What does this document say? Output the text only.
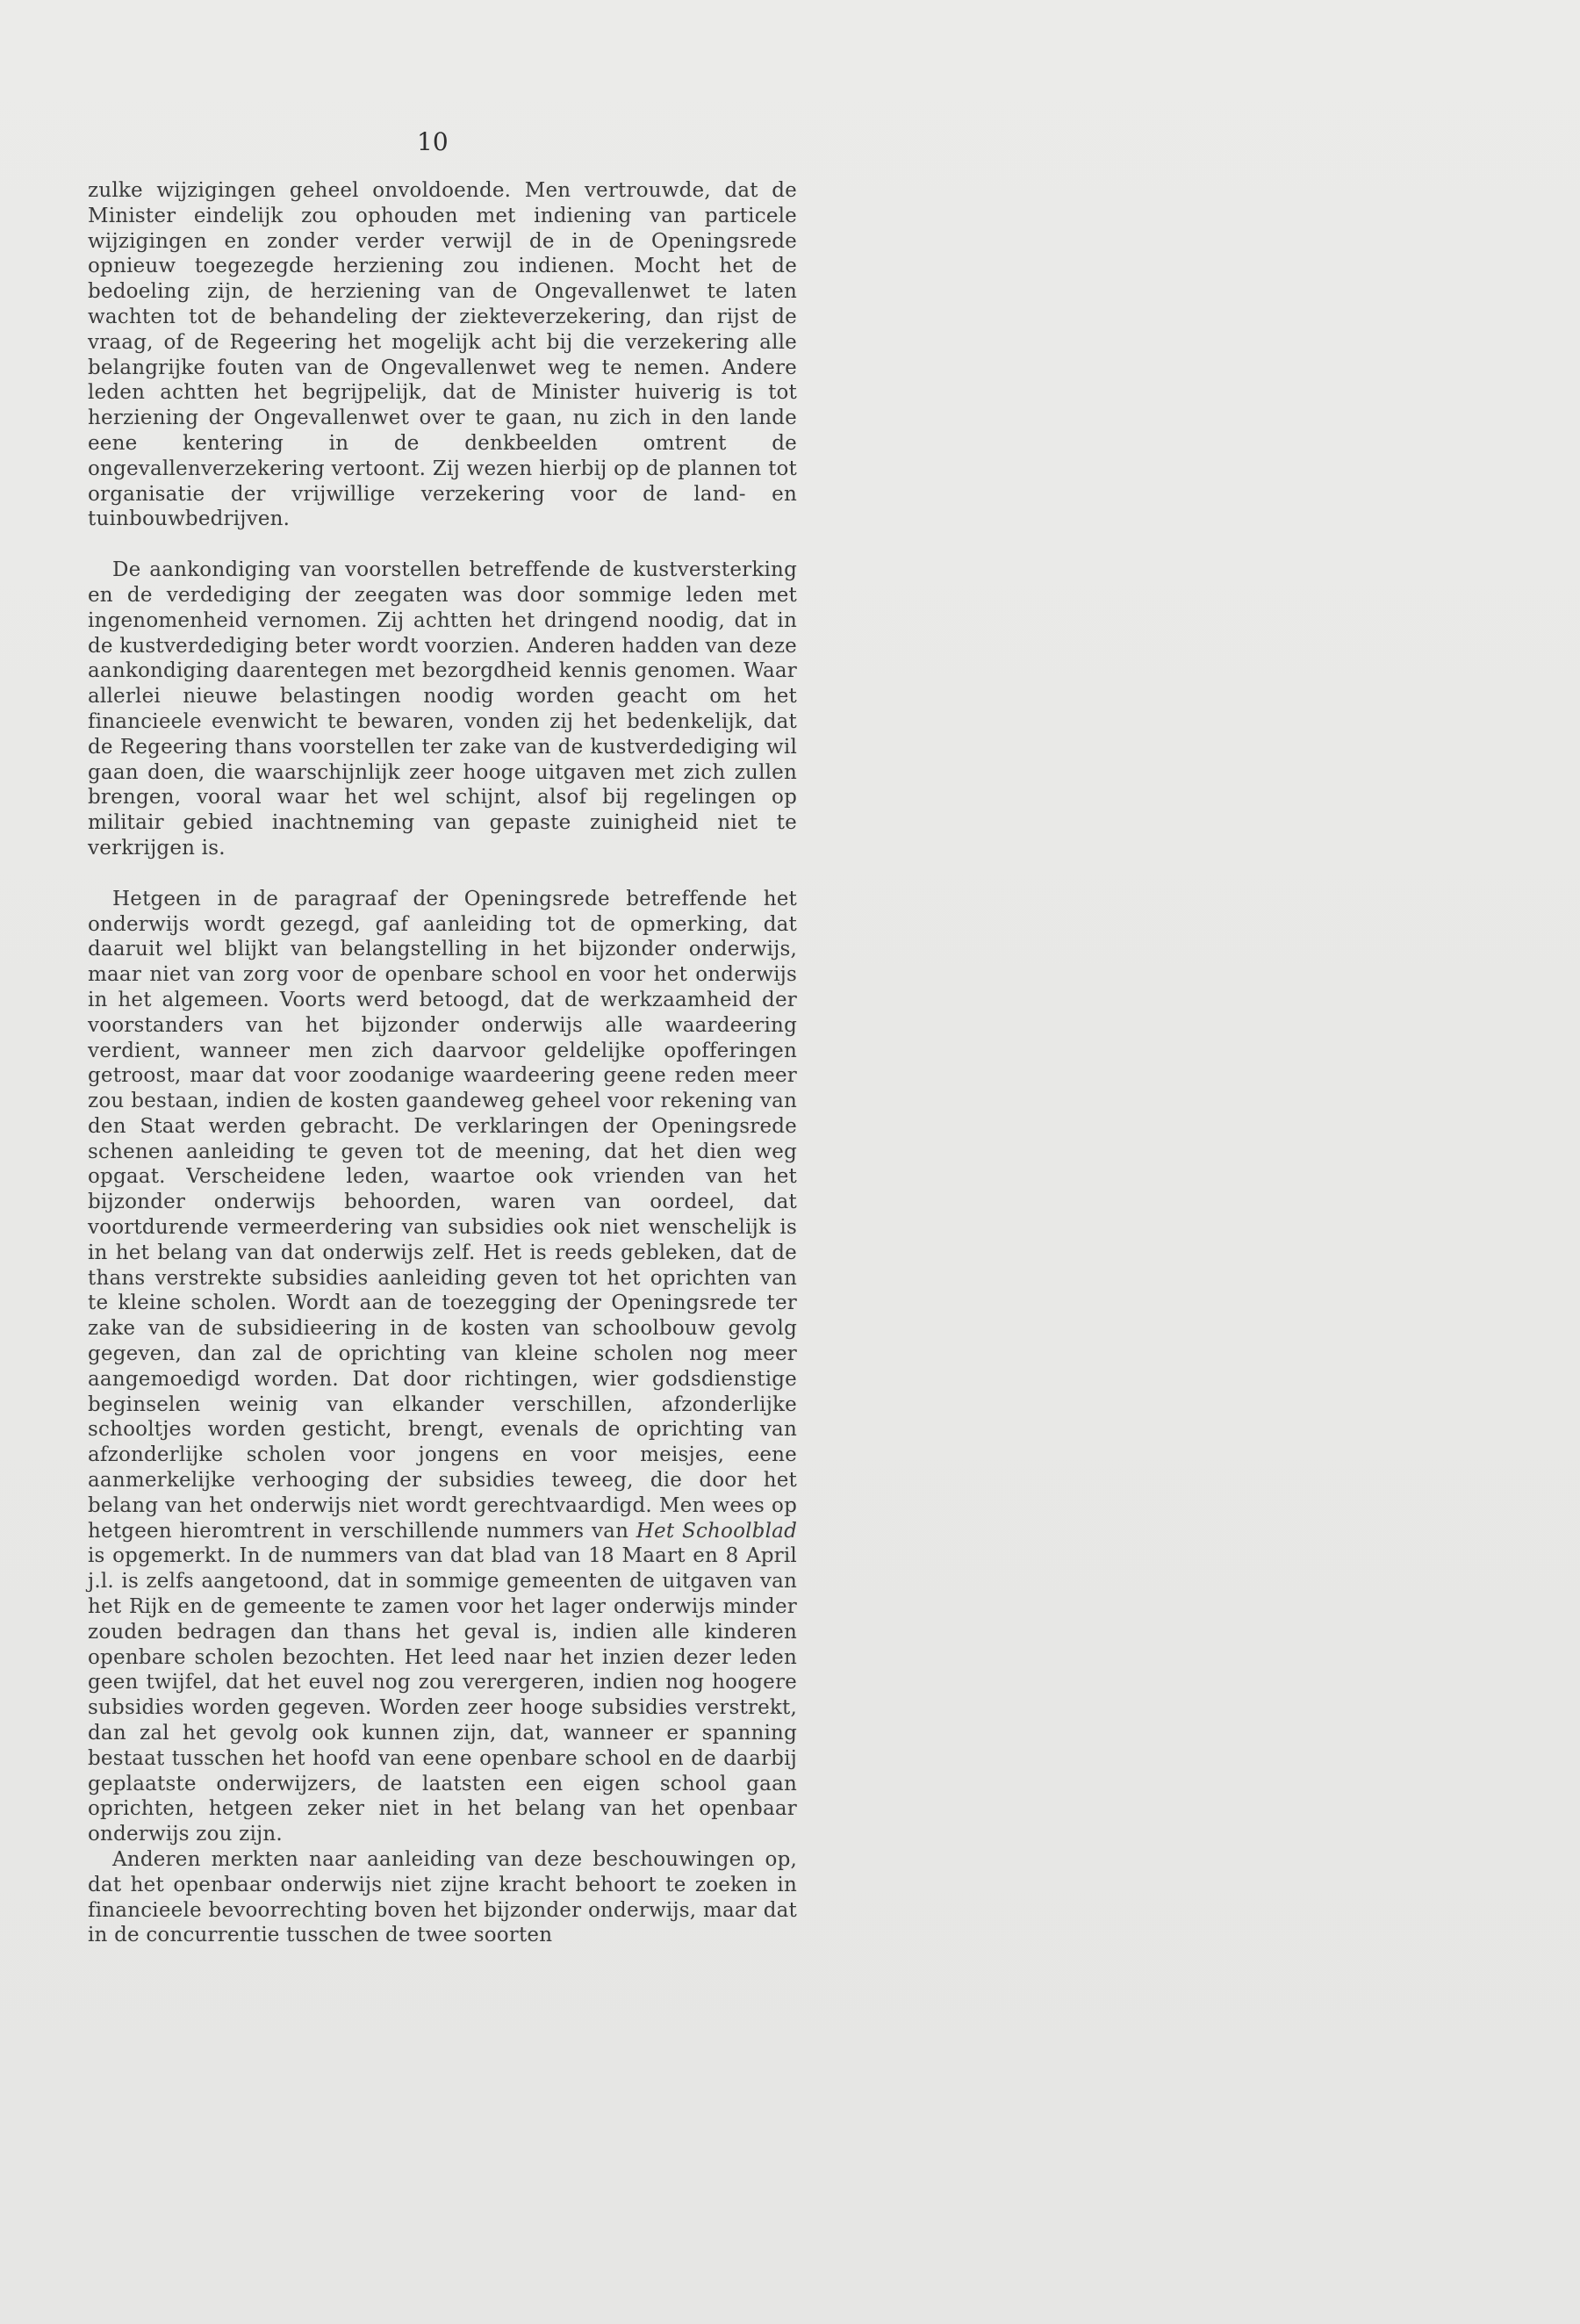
10

zulke wijzigingen geheel onvoldoende. Men vertrouwde, dat de Minister eindelijk zou ophouden met indiening van particele wijzigingen en zonder verder verwijl de in de Openingsrede opnieuw toegezegde herziening zou indienen. Mocht het de bedoeling zijn, de herziening van de Ongevallenwet te laten wachten tot de behandeling der ziekteverzekering, dan rijst de vraag, of de Regeering het mogelijk acht bij die verzekering alle belangrijke fouten van de Ongevallenwet weg te nemen. Andere leden achtten het begrijpelijk, dat de Minister huiverig is tot herziening der Ongevallenwet over te gaan, nu zich in den lande eene kentering in de denkbeelden omtrent de ongevallenverzekering vertoont. Zij wezen hierbij op de plannen tot organisatie der vrijwillige verzekering voor de land- en tuinbouwbedrijven.

De aankondiging van voorstellen betreffende de kustversterking en de verdediging der zeegaten was door sommige leden met ingenomenheid vernomen. Zij achtten het dringend noodig, dat in de kustverdediging beter wordt voorzien. Anderen hadden van deze aankondiging daarentegen met bezorgdheid kennis genomen. Waar allerlei nieuwe belastingen noodig worden geacht om het financieele evenwicht te bewaren, vonden zij het bedenkelijk, dat de Regeering thans voorstellen ter zake van de kustverdediging wil gaan doen, die waarschijnlijk zeer hooge uitgaven met zich zullen brengen, vooral waar het wel schijnt, alsof bij regelingen op militair gebied inachtneming van gepaste zuinigheid niet te verkrijgen is.

Hetgeen in de paragraaf der Openingsrede betreffende het onderwijs wordt gezegd, gaf aanleiding tot de opmerking, dat daaruit wel blijkt van belangstelling in het bijzonder onderwijs, maar niet van zorg voor de openbare school en voor het onderwijs in het algemeen. Voorts werd betoogd, dat de werkzaamheid der voorstanders van het bijzonder onderwijs alle waardeering verdient, wanneer men zich daarvoor geldelijke opofferingen getroost, maar dat voor zoodanige waardeering geene reden meer zou bestaan, indien de kosten gaandeweg geheel voor rekening van den Staat werden gebracht. De verklaringen der Openingsrede schenen aanleiding te geven tot de meening, dat het dien weg opgaat. Verscheidene leden, waartoe ook vrienden van het bijzonder onderwijs behoorden, waren van oordeel, dat voortdurende vermeerdering van subsidies ook niet wenschelijk is in het belang van dat onderwijs zelf. Het is reeds gebleken, dat de thans verstrekte subsidies aanleiding geven tot het oprichten van te kleine scholen. Wordt aan de toezegging der Openingsrede ter zake van de subsidieering in de kosten van schoolbouw gevolg gegeven, dan zal de oprichting van kleine scholen nog meer aangemoedigd worden. Dat door richtingen, wier godsdienstige beginselen weinig van elkander verschillen, afzonderlijke schooltjes worden gesticht, brengt, evenals de oprichting van afzonderlijke scholen voor jongens en voor meisjes, eene aanmerkelijke verhooging der subsidies teweeg, die door het belang van het onderwijs niet wordt gerechtvaardigd. Men wees op hetgeen hieromtrent in verschillende nummers van Het Schoolblad is opgemerkt. In de nummers van dat blad van 18 Maart en 8 April j.l. is zelfs aangetoond, dat in sommige gemeenten de uitgaven van het Rijk en de gemeente te zamen voor het lager onderwijs minder zouden bedragen dan thans het geval is, indien alle kinderen openbare scholen bezochten. Het leed naar het inzien dezer leden geen twijfel, dat het euvel nog zou verergeren, indien nog hoogere subsidies worden gegeven. Worden zeer hooge subsidies verstrekt, dan zal het gevolg ook kunnen zijn, dat, wanneer er spanning bestaat tusschen het hoofd van eene openbare school en de daarbij geplaatste onderwijzers, de laatsten een eigen school gaan oprichten, hetgeen zeker niet in het belang van het openbaar onderwijs zou zijn.

Anderen merkten naar aanleiding van deze beschouwingen op, dat het openbaar onderwijs niet zijne kracht behoort te zoeken in financieele bevoorrechting boven het bijzonder onderwijs, maar dat in de concurrentie tusschen de twee soorten
